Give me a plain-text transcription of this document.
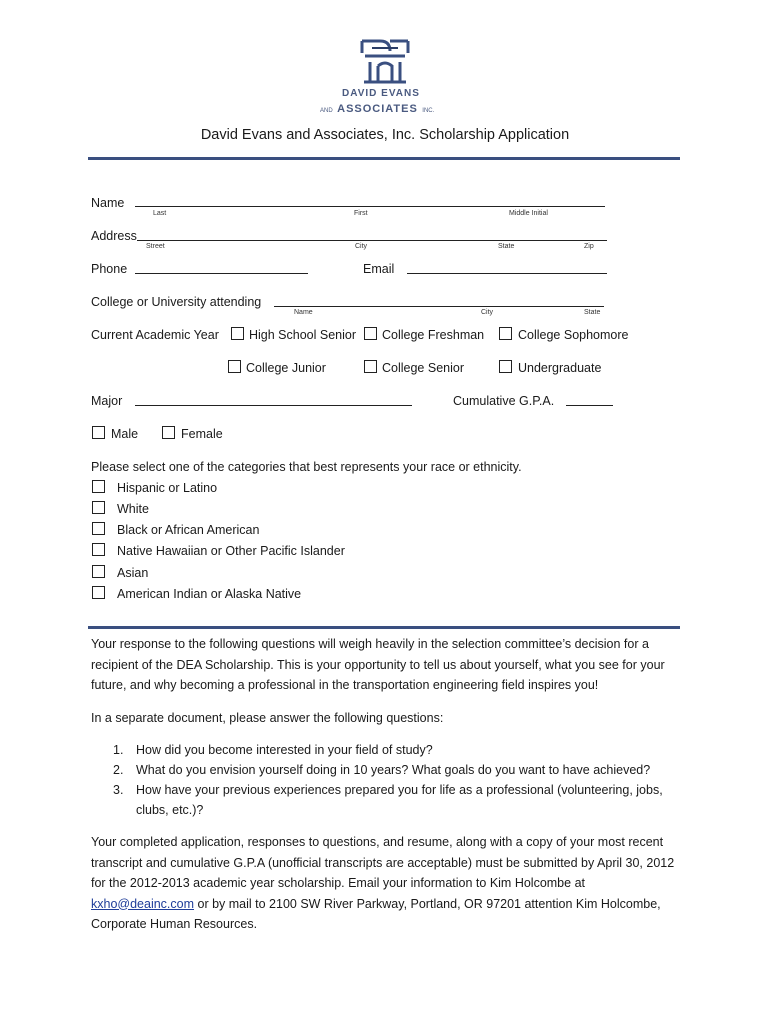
DAVID EVANS
AND ASSOCIATES INC.
David Evans and Associates, Inc. Scholarship Application
Name
Last	First	Middle Initial
Address
Street	City	State	Zip
Phone	Email
College or University attending
Name	City	State
Current Academic Year High School Senior College Freshman	College Sophomore
College Junior	College Senior	Undergraduate
Major	Cumulative G.P.A.
Male	Female
Please select one of the categories that best represents your race or ethnicity.
Hispanic or Latino
White
Black or African American
Native Hawaiian or Other Pacific Islander
Asian
American Indian or Alaska Native

Your response to the following questions will weigh heavily in the selection committee’s decision for a recipient of the DEA Scholarship. This is your opportunity to tell us about yourself, what you see for your future, and why becoming a professional in the transportation engineering field inspires you!

In a separate document, please answer the following questions:

1. How did you become interested in your field of study?
2. What do you envision yourself doing in 10 years? What goals do you want to have achieved?
3. How have your previous experiences prepared you for life as a professional (volunteering, jobs, clubs, etc.)?

Your completed application, responses to questions, and resume, along with a copy of your most recent transcript and cumulative G.P.A (unofficial transcripts are acceptable) must be submitted by April 30, 2012 for the 2012-2013 academic year scholarship. Email your information to Kim Holcombe at kxho@deainc.com or by mail to 2100 SW River Parkway, Portland, OR 97201 attention Kim Holcombe, Corporate Human Resources.
